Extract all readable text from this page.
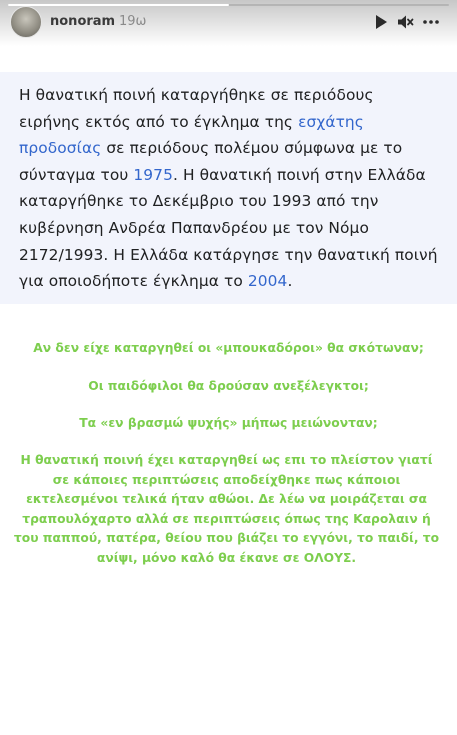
nonoram 19ω
Η θανατική ποινή καταργήθηκε σε περιόδους ειρήνης εκτός από το έγκλημα της εσχάτης προδοσίας σε περιόδους πολέμου σύμφωνα με το σύνταγμα του 1975. Η θανατική ποινή στην Ελλάδα καταργήθηκε το Δεκέμβριο του 1993 από την κυβέρνηση Ανδρέα Παπανδρέου με τον Νόμο 2172/1993. Η Ελλάδα κατάργησε την θανατική ποινή για οποιοδήποτε έγκλημα το 2004.
Αν δεν είχε καταργηθεί οι «μπουκαδόροι» θα σκότωναν;
Οι παιδόφιλοι θα δρούσαν ανεξέλεγκτοι;
Τα «εν βρασμώ ψυχής» μήπως μειώνονταν;
Η θανατική ποινή έχει καταργηθεί ως επι το πλείστον γιατί
σε κάποιες περιπτώσεις αποδείχθηκε πως κάποιοι
εκτελεσμένοι τελικά ήταν αθώοι. Δε λέω να μοιράζεται σα
τραπουλόχαρτο αλλά σε περιπτώσεις όπως της Καρολαιν ή
του παππού, πατέρα, θείου που βιάζει το εγγόνι, το παιδί, το
ανίψι, μόνο καλό θα έκανε σε ΟΛΟΥΣ.
